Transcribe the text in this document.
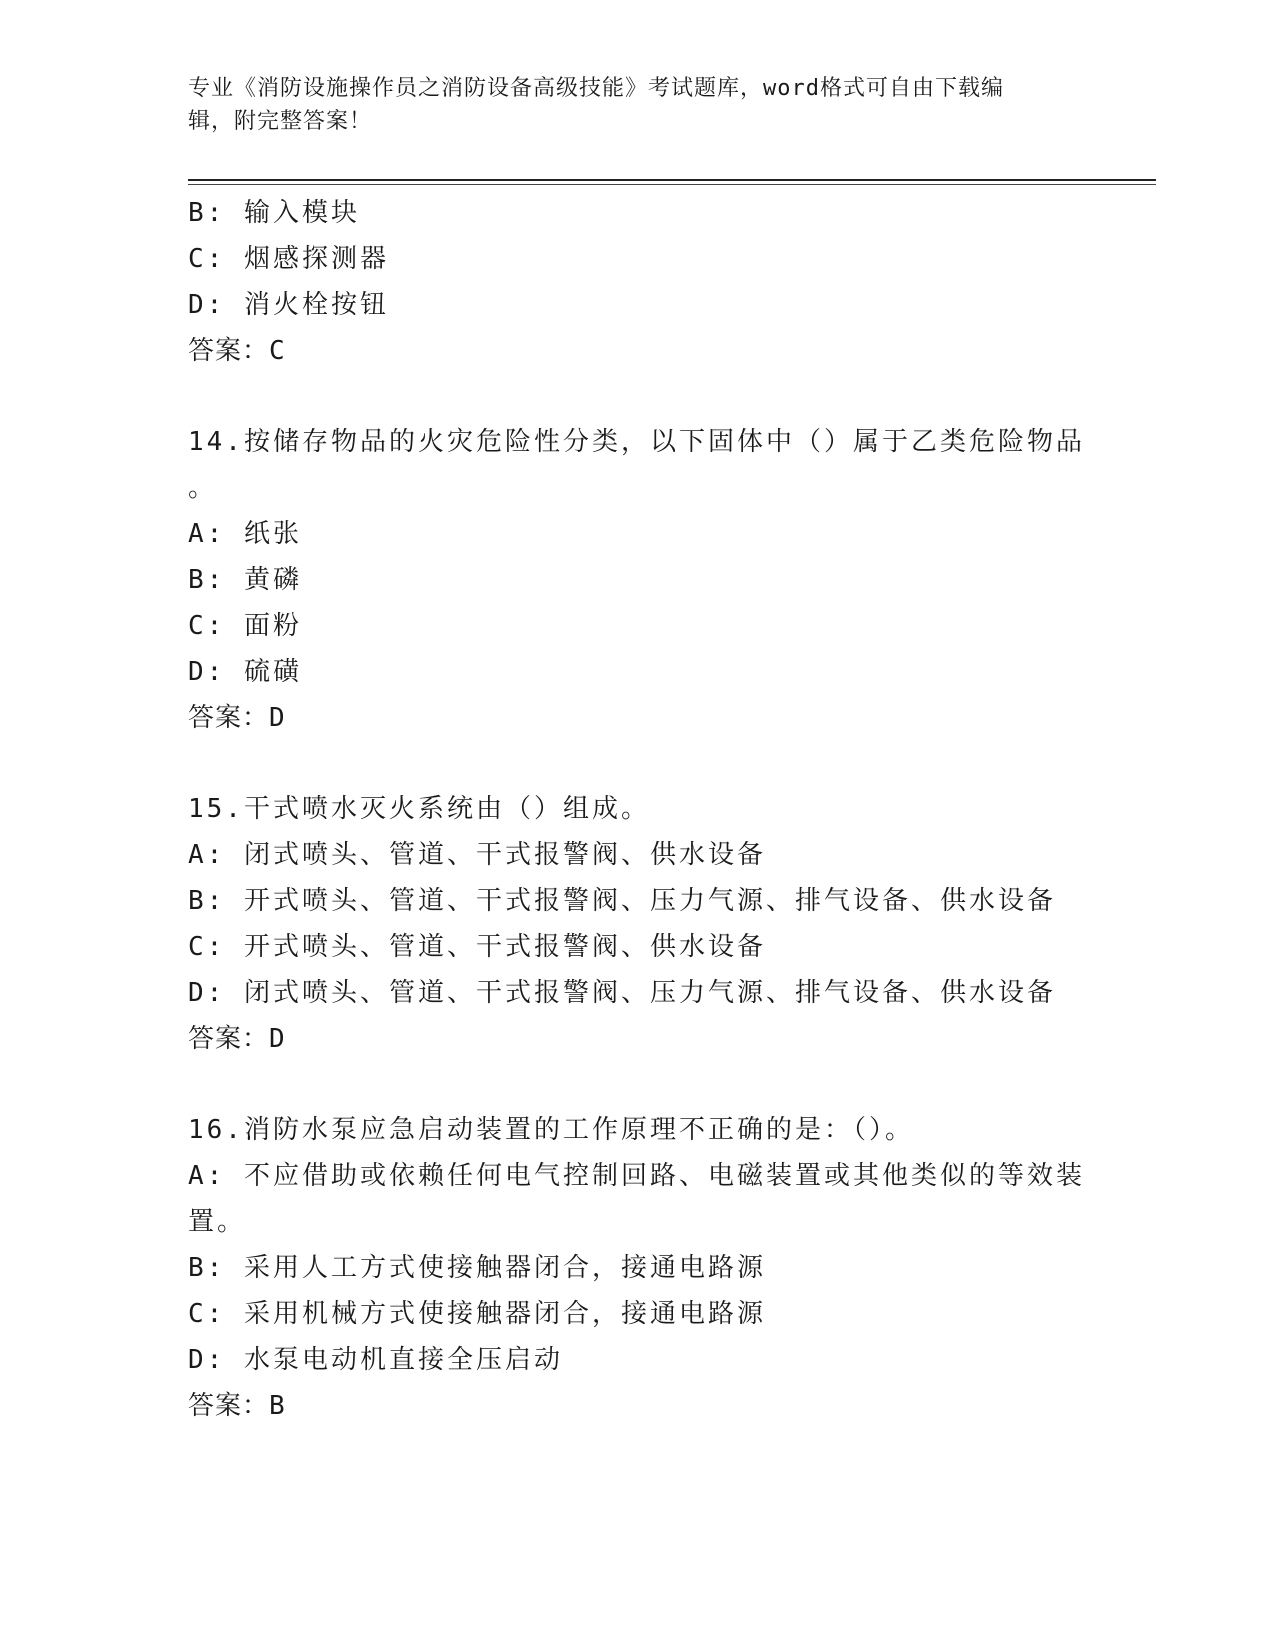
专业《消防设施操作员之消防设备高级技能》考试题库，word格式可自由下载编
辑，附完整答案！
B: 输入模块
C: 烟感探测器
D: 消火栓按钮
答案：C
14.按储存物品的火灾危险性分类，以下固体中（）属于乙类危险物品
。
A: 纸张
B: 黄磷
C: 面粉
D: 硫磺
答案：D
15.干式喷水灭火系统由（）组成。
A: 闭式喷头、管道、干式报警阀、供水设备
B: 开式喷头、管道、干式报警阀、压力气源、排气设备、供水设备
C: 开式喷头、管道、干式报警阀、供水设备
D: 闭式喷头、管道、干式报警阀、压力气源、排气设备、供水设备
答案：D
16.消防水泵应急启动装置的工作原理不正确的是：（）。
A: 不应借助或依赖任何电气控制回路、电磁装置或其他类似的等效装
置。
B: 采用人工方式使接触器闭合，接通电路源
C: 采用机械方式使接触器闭合，接通电路源
D: 水泵电动机直接全压启动
答案：B
